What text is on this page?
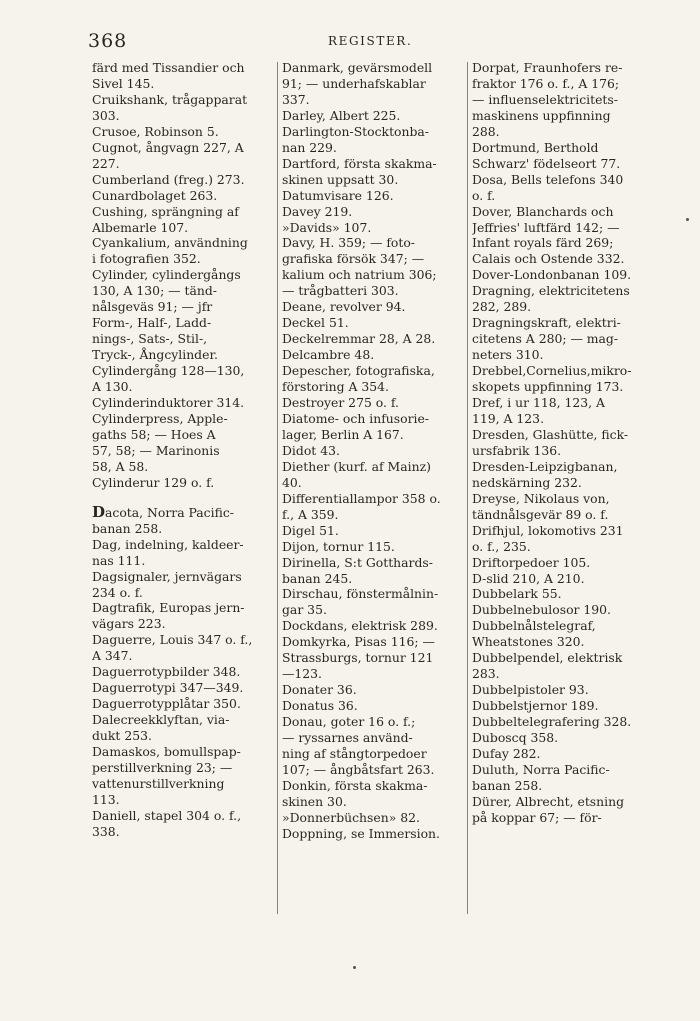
368	REGISTER.
färd med Tissandier och
Sivel 145.
Cruikshank, trågapparat
303.
Crusoe, Robinson 5.
Cugnot, ångvagn 227, A
227.
Cumberland (freg.) 273.
Cunardbolaget 263.
Cushing, sprängning af
Albemarle 107.
Cyankalium, användning
i fotografien 352.
Cylinder, cylindergångs
130, A 130; — tänd-
nålsgeväs 91; — jfr
Form-, Half-, Ladd-
nings-, Sats-, Stil-,
Tryck-, Ångcylinder.
Cylindergång 128—130,
A 130.
Cylinderinduktorer 314.
Cylinderpress, Apple-
gaths 58; — Hoes A
57, 58; — Marinonis
58, A 58.
Cylinderur 129 o. f.
Dacota, Norra Pacific-
banan 258.
Dag, indelning, kaldeer-
nas 111.
Dagsignaler, jernvägars
234 o. f.
Dagtrafik, Europas jern-
vägars 223.
Daguerre, Louis 347 o. f.,
A 347.
Daguerrotypbilder 348.
Daguerrotypi 347—349.
Daguerrotypplåtar 350.
Dalecreekklyftan, via-
dukt 253.
Damaskos, bomullspap-
perstillverkning 23; —
vattenurstillverkning
113.
Daniell, stapel 304 o. f.,
338.
Danmark, gevärsmodell
91; — underhafskablar
337.
Darley, Albert 225.
Darlington-Stocktonba-
nan 229.
Dartford, första skakma-
skinen uppsatt 30.
Datumvisare 126.
Davey 219.
»Davids» 107.
Davy, H. 359; — foto-
grafiska försök 347; —
kalium och natrium 306;
— trågbatteri 303.
Deane, revolver 94.
Deckel 51.
Deckelremmar 28, A 28.
Delcambre 48.
Depescher, fotografiska,
förstoring A 354.
Destroyer 275 o. f.
Diatome- och infusorie-
lager, Berlin A 167.
Didot 43.
Diether (kurf. af Mainz)
40.
Differentiallampor 358 o.
f., A 359.
Digel 51.
Dijon, tornur 115.
Dirinella, S:t Gotthards-
banan 245.
Dirschau, fönstermålnin-
gar 35.
Dockdans, elektrisk 289.
Domkyrka, Pisas 116; —
Strassburgs, tornur 121
—123.
Donater 36.
Donatus 36.
Donau, goter 16 o. f.;
— ryssarnes använd-
ning af stångtorpedoer
107; — ångbåtsfart 263.
Donkin, första skakma-
skinen 30.
»Donnerbüchsen» 82.
Doppning, se Immersion.
Dorpat, Fraunhofers re-
fraktor 176 o. f., A 176;
— influenselektricitets-
maskinens uppfinning
288.
Dortmund, Berthold
Schwarz' födelseort 77.
Dosa, Bells telefons 340
o. f.
Dover, Blanchards och
Jeffries' luftfärd 142; —
Infant royals färd 269;
Calais och Ostende 332.
Dover-Londonbanan 109.
Dragning, elektricitetens
282, 289.
Dragningskraft, elektri-
citetens A 280; — mag-
neters 310.
Drebbel,Cornelius,mikro-
skopets uppfinning 173.
Dref, i ur 118, 123, A
119, A 123.
Dresden, Glashütte, fick-
ursfabrik 136.
Dresden-Leipzigbanan,
nedskärning 232.
Dreyse, Nikolaus von,
tändnålsgevär 89 o. f.
Drifhjul, lokomotivs 231
o. f., 235.
Driftorpedoer 105.
D-slid 210, A 210.
Dubbelark 55.
Dubbelnebulosor 190.
Dubbelnålstelegraf,
Wheatstones 320.
Dubbelpendel, elektrisk
283.
Dubbelpistoler 93.
Dubbelstjernor 189.
Dubbeltelegrafering 328.
Duboscq 358.
Dufay 282.
Duluth, Norra Pacific-
banan 258.
Dürer, Albrecht, etsning
på koppar 67; — för-
